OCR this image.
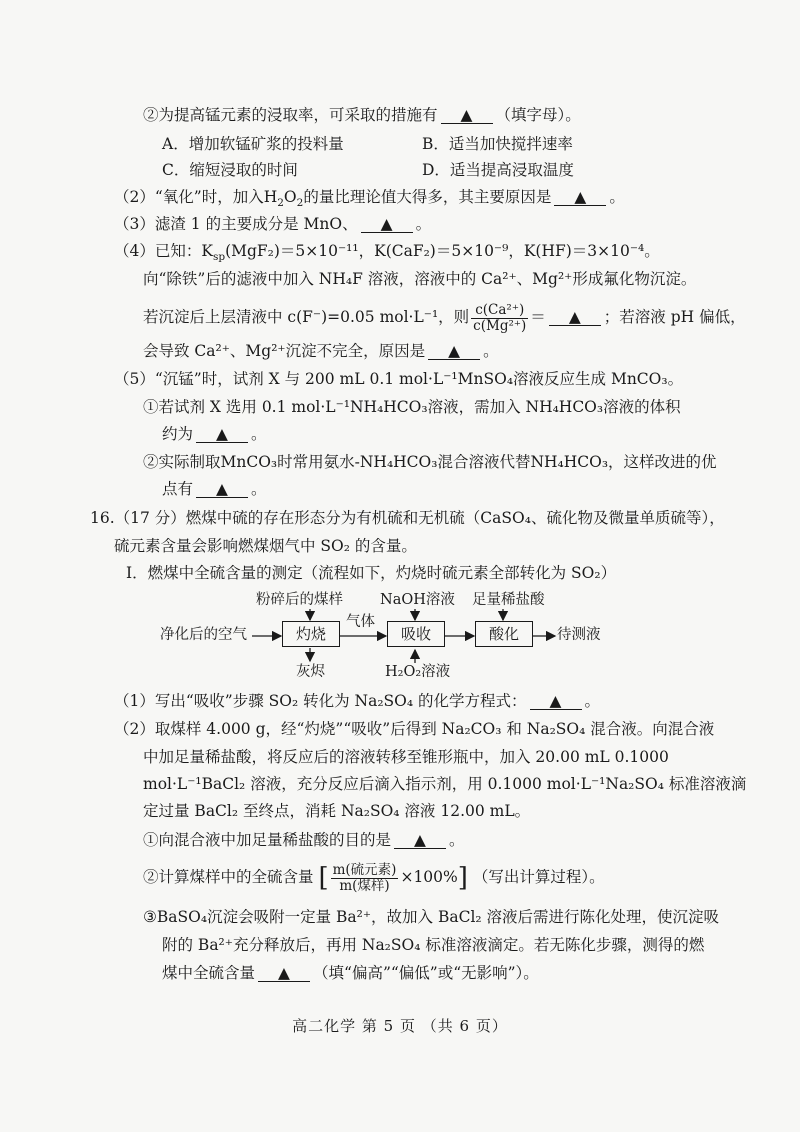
②为提高锰元素的浸取率，可采取的措施有 ▲ （填字母）。
A．增加软锰矿浆的投料量	B．适当加快搅拌速率
C．缩短浸取的时间	D．适当提高浸取温度
（2）“氧化”时，加入$H_2O_2$的量比理论值大得多，其主要原因是 ▲ 。
（3）滤渣 1 的主要成分是 MnO、 ▲ 。
（4）已知：$K_{sp}(MgF_2)=5\times 10^{-11}$，K(CaF₂)＝5×10⁻⁹，K(HF)＝3×10⁻⁴。
向“除铁”后的滤液中加入 NH₄F 溶液，溶液中的 Ca²⁺、Mg²⁺形成氟化物沉淀。
若沉淀后上层清液中 c(F⁻)=0.05 mol·L⁻¹，则 $\frac{\text{c(Ca²⁺)}}{\text{c(Mg²⁺)}}$ ＝ ▲ ；若溶液 pH 偏低，
会导致 Ca²⁺、Mg²⁺沉淀不完全，原因是 ▲ 。
（5）“沉锰”时，试剂 X 与 200 mL 0.1 mol·L⁻¹MnSO₄溶液反应生成 MnCO₃。
①若试剂 X 选用 0.1 mol·L⁻¹NH₄HCO₃溶液，需加入 NH₄HCO₃溶液的体积
约为 ▲ 。
②实际制取MnCO₃时常用氨水-NH₄HCO₃混合溶液代替NH₄HCO₃，这样改进的优
点有 ▲ 。
16.（17 分）燃煤中硫的存在形态分为有机硫和无机硫（CaSO₄、硫化物及微量单质硫等），
硫元素含量会影响燃煤烟气中 SO₂ 的含量。
I．燃煤中全硫含量的测定（流程如下，灼烧时硫元素全部转化为 SO₂）
粉碎后的煤样	NaOH溶液 足量稀盐酸
净化后的空气	灼烧
气体
吸收	酸化	待测液
灰烬	H₂O₂溶液
（1）写出“吸收”步骤 SO₂ 转化为 Na₂SO₄ 的化学方程式： ▲ 。
（2）取煤样 4.000 g，经“灼烧”“吸收”后得到 Na₂CO₃ 和 Na₂SO₄ 混合液。向混合液
中加足量稀盐酸，将反应后的溶液转移至锥形瓶中，加入 20.00 mL 0.1000
mol·L⁻¹BaCl₂ 溶液，充分反应后滴入指示剂，用 0.1000 mol·L⁻¹Na₂SO₄ 标准溶液滴
定过量 BaCl₂ 至终点，消耗 Na₂SO₄ 溶液 12.00 mL。
①向混合液中加足量稀盐酸的目的是 ▲ 。
②计算煤样中的全硫含量 [ $\frac{\text{m(硫元素)}}{\text{m(煤样)}} \times 100\%$] （写出计算过程）。
③BaSO₄沉淀会吸附一定量 Ba²⁺，故加入 BaCl₂ 溶液后需进行陈化处理，使沉淀吸
附的 Ba²⁺充分释放后，再用 Na₂SO₄ 标准溶液滴定。若无陈化步骤，测得的燃
煤中全硫含量 ▲ （填“偏高”“偏低”或“无影响”）。
高二化学 第 5 页 （共 6 页）
